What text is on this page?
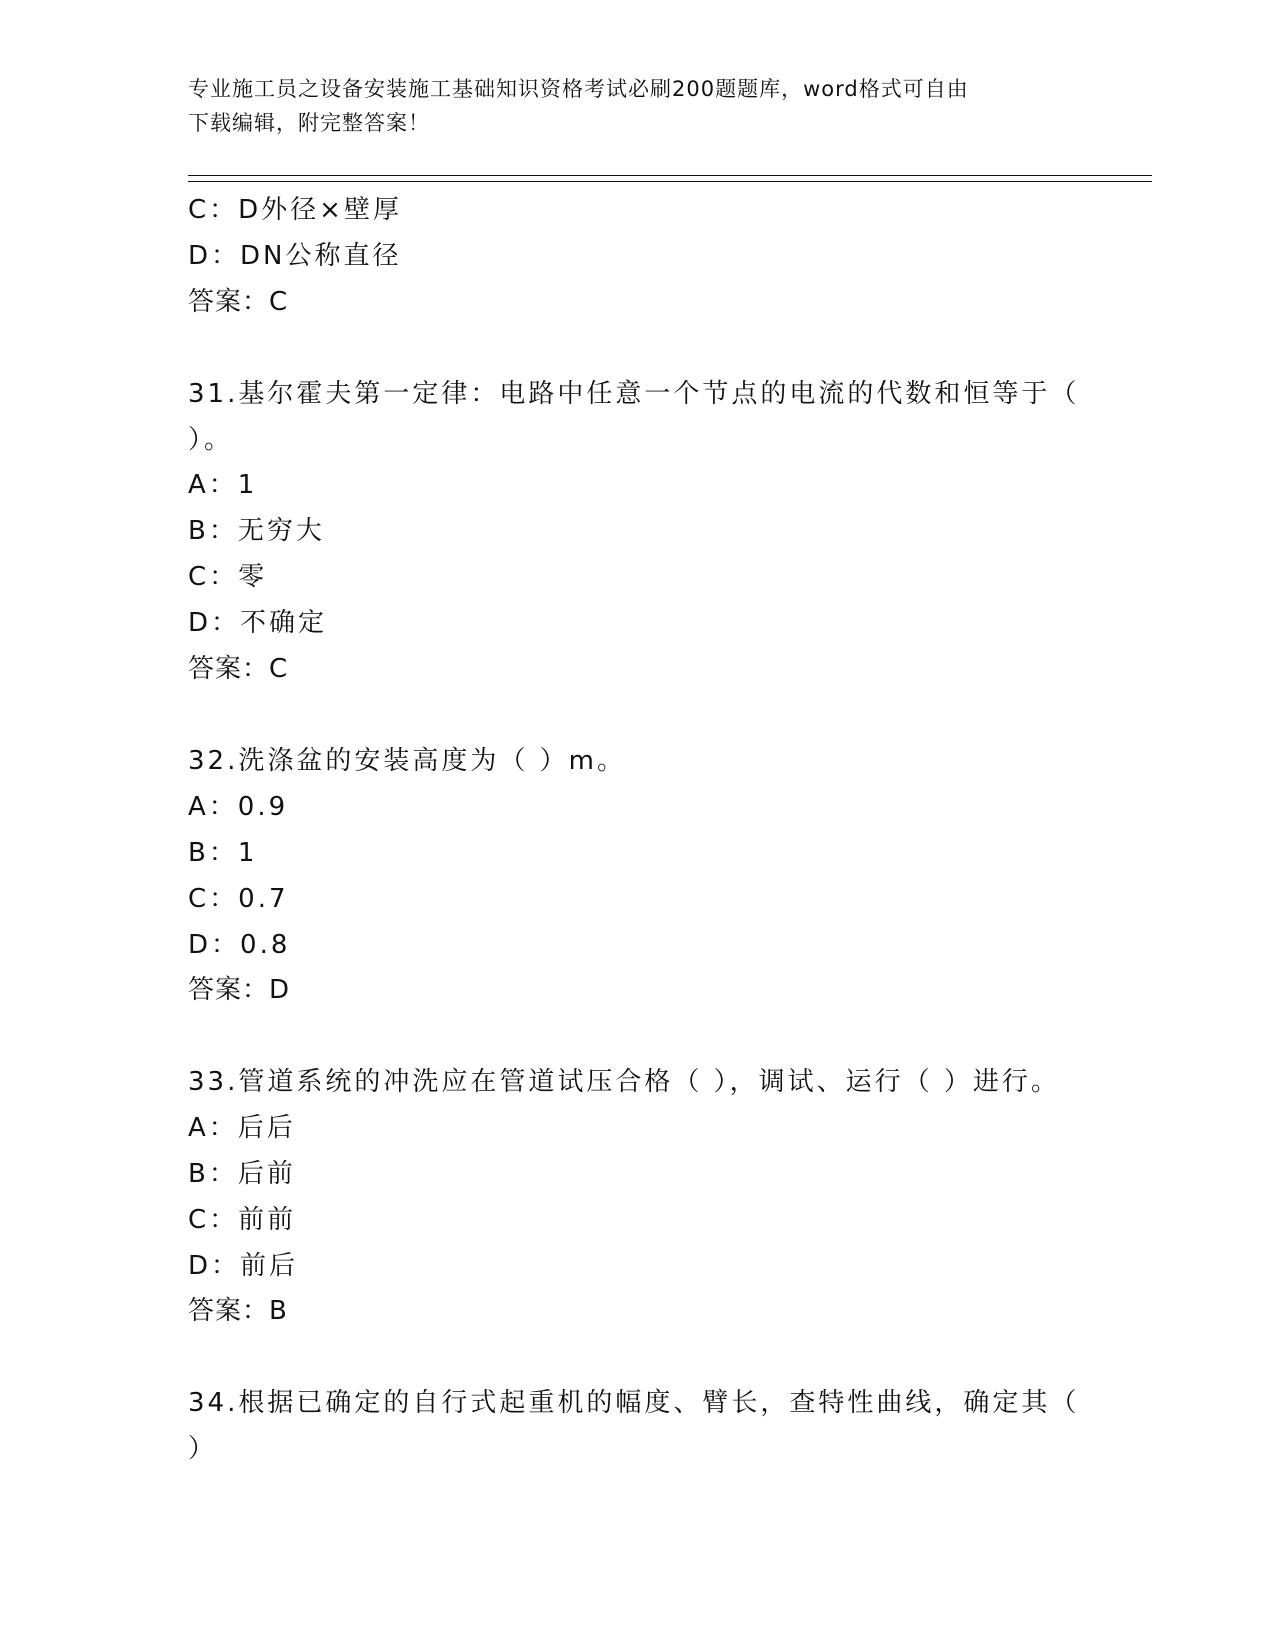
专业施工员之设备安装施工基础知识资格考试必刷200题题库，word格式可自由
下载编辑，附完整答案！
C：D外径×壁厚
D：DN公称直径
答案：C
31.基尔霍夫第一定律：电路中任意一个节点的电流的代数和恒等于（
）。
A：1
B：无穷大
C：零
D：不确定
答案：C
32.洗涤盆的安装高度为（ ）m。
A：0.9
B：1
C：0.7
D：0.8
答案：D
33.管道系统的冲洗应在管道试压合格（ ），调试、运行（ ）进行。
A：后后
B：后前
C：前前
D：前后
答案：B
34.根据已确定的自行式起重机的幅度、臂长，查特性曲线，确定其（
）
